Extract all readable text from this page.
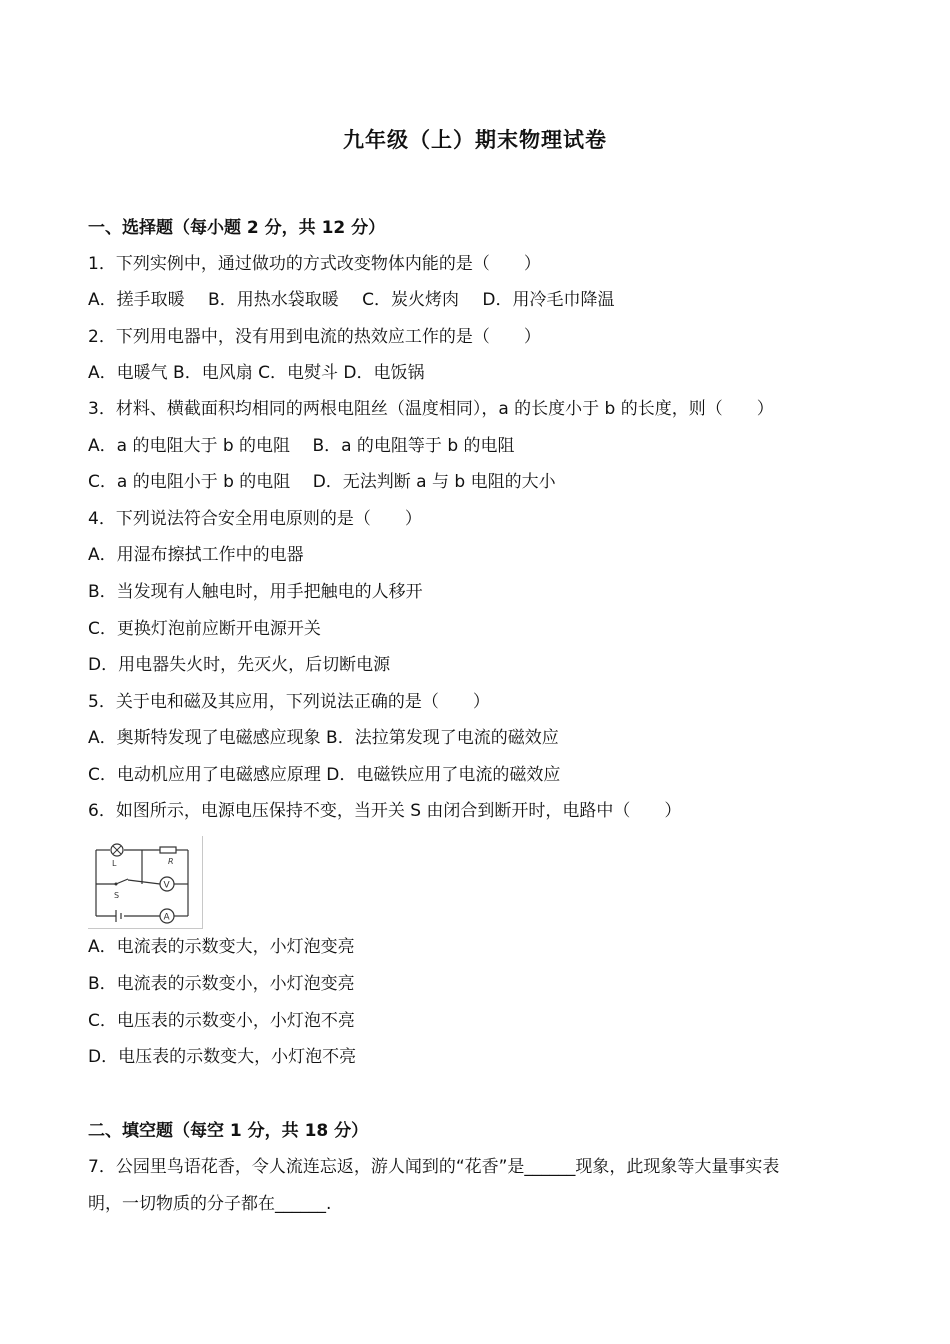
九年级（上）期末物理试卷
一、选择题（每小题 2 分，共 12 分）
1．下列实例中，通过做功的方式改变物体内能的是（　　）
A．搓手取暖 B．用热水袋取暖 C．炭火烤肉 D．用冷毛巾降温
2．下列用电器中，没有用到电流的热效应工作的是（　　）
A．电暖气 B．电风扇 C．电熨斗 D．电饭锅
3．材料、横截面积均相同的两根电阻丝（温度相同），a 的长度小于 b 的长度，则（　　）
A．a 的电阻大于 b 的电阻　 B．a 的电阻等于 b 的电阻
C．a 的电阻小于 b 的电阻　 D．无法判断 a 与 b 电阻的大小
4．下列说法符合安全用电原则的是（　　）
A．用湿布擦拭工作中的电器
B．当发现有人触电时，用手把触电的人移开
C．更换灯泡前应断开电源开关
D．用电器失火时，先灭火，后切断电源
5．关于电和磁及其应用，下列说法正确的是（　　）
A．奥斯特发现了电磁感应现象 B．法拉第发现了电流的磁效应
C．电动机应用了电磁感应原理 D．电磁铁应用了电流的磁效应
6．如图所示，电源电压保持不变，当开关 S 由闭合到断开时，电路中（　　）
L	R
S
V
A
A．电流表的示数变大，小灯泡变亮
B．电流表的示数变小，小灯泡变亮
C．电压表的示数变小，小灯泡不亮
D．电压表的示数变大，小灯泡不亮
二、填空题（每空 1 分，共 18 分）
7．公园里鸟语花香，令人流连忘返，游人闻到的“花香”是______现象，此现象等大量事实表
明，一切物质的分子都在______.
